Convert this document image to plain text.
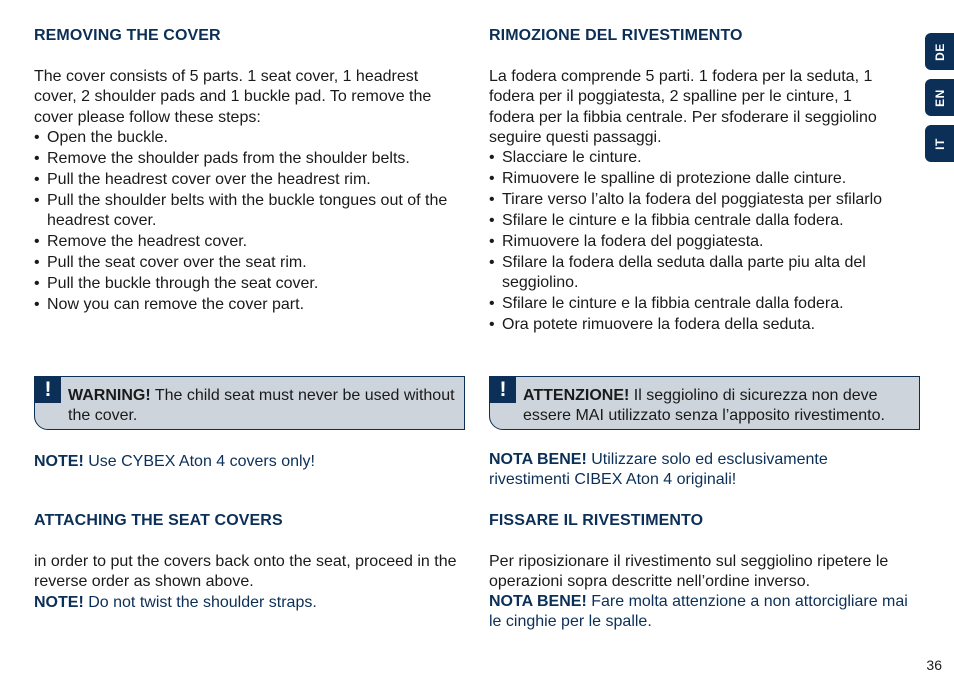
REMOVING THE COVER

The cover consists of 5 parts. 1 seat cover, 1 headrest cover, 2 shoulder pads and 1 buckle pad. To remove the cover please follow these steps:

• Open the buckle.
• Remove the shoulder pads from the shoulder belts.
• Pull the headrest cover over the headrest rim.
• Pull the shoulder belts with the buckle tongues out of the headrest cover.
• Remove the headrest cover.
• Pull the seat cover over the seat rim.
• Pull the buckle through the seat cover.
• Now you can remove the cover part.
!	WARNING! The child seat must never be used without the cover.

NOTE! Use CYBEX Aton 4 covers only!

ATTACHING THE SEAT COVERS

in order to put the covers back onto the seat, proceed in the reverse order as shown above.

NOTE! Do not twist the shoulder straps.

RIMOZIONE DEL RIVESTIMENTO

La fodera comprende 5 parti. 1 fodera per la seduta, 1 fodera per il poggiatesta, 2 spalline per le cinture, 1 fodera per la fibbia centrale. Per sfoderare il seggiolino seguire questi passaggi.

• Slacciare le cinture.
• Rimuovere le spalline di protezione dalle cinture.
• Tirare verso l’alto la fodera del poggiatesta per sfilarlo
• Sfilare le cinture e la fibbia centrale dalla fodera.
• Rimuovere la fodera del poggiatesta.
• Sfilare la fodera della seduta dalla parte piu alta del seggiolino.
• Sfilare le cinture e la fibbia centrale dalla fodera.
• Ora potete rimuovere la fodera della seduta.
!	ATTENZIONE! Il seggiolino di sicurezza non deve essere MAI utilizzato senza l’apposito rivestimento.

NOTA BENE! Utilizzare solo ed esclusivamente rivestimenti CIBEX Aton 4 originali!

FISSARE IL RIVESTIMENTO

Per riposizionare il rivestimento sul seggiolino ripetere le operazioni sopra descritte nell’ordine inverso.

NOTA BENE! Fare molta attenzione a non attorcigliare mai le cinghie per le spalle.

DE
EN
IT
36
